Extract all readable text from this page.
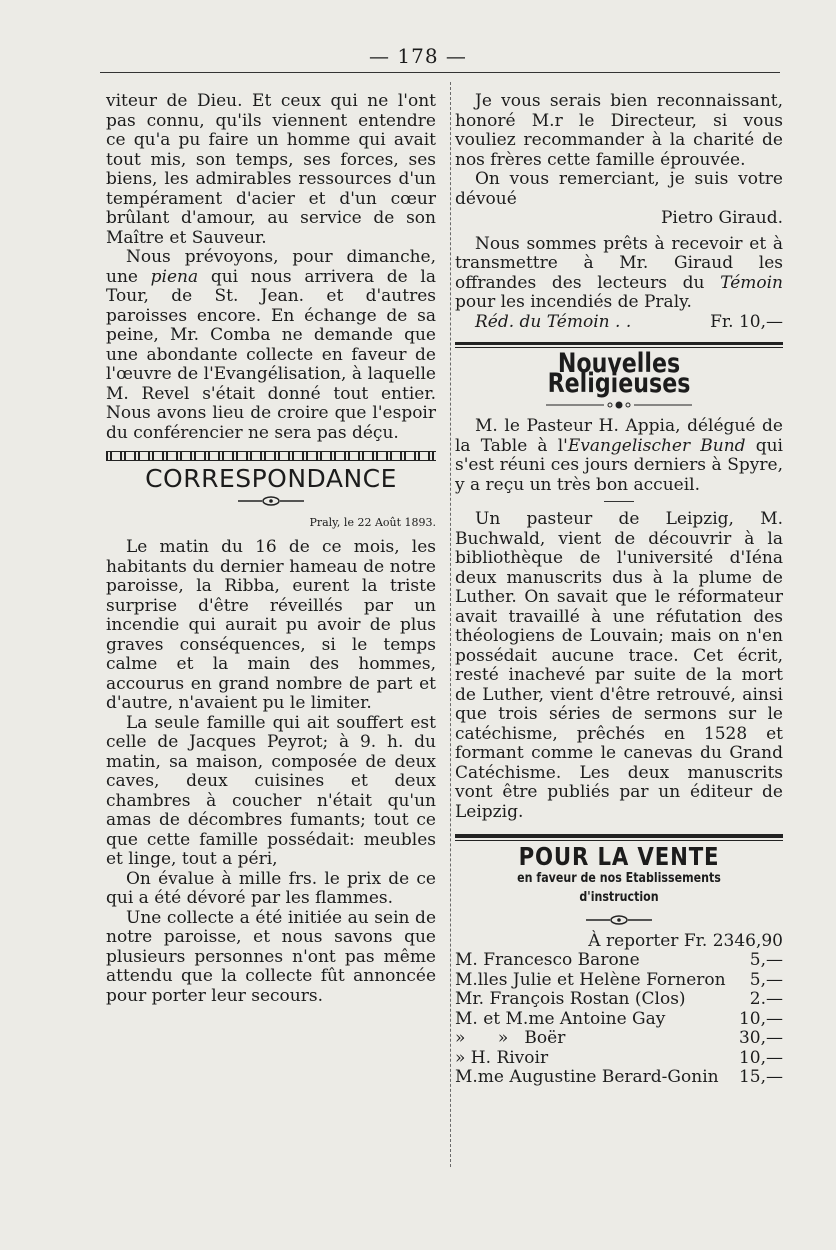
— 178 —

viteur de Dieu. Et ceux qui ne l'ont pas connu, qu'ils viennent entendre ce qu'a pu faire un homme qui avait tout mis, son temps, ses forces, ses biens, les admirables ressources d'un tempérament d'acier et d'un cœur brûlant d'amour, au service de son Maître et Sauveur.

Nous prévoyons, pour dimanche, une piena qui nous arrivera de la Tour, de St. Jean. et d'autres paroisses encore. En échange de sa peine, Mr. Comba ne demande que une abondante collecte en faveur de l'œuvre de l'Evangélisation, à laquelle M. Revel s'était donné tout entier. Nous avons lieu de croire que l'espoir du conférencier ne sera pas déçu.

CORRESPONDANCE
Praly, le 22 Août 1893.

Le matin du 16 de ce mois, les habitants du dernier hameau de notre paroisse, la Ribba, eurent la triste surprise d'être réveillés par un incendie qui aurait pu avoir de plus graves conséquences, si le temps calme et la main des hommes, accourus en grand nombre de part et d'autre, n'avaient pu le limiter.

La seule famille qui ait souffert est celle de Jacques Peyrot; à 9. h. du matin, sa maison, composée de deux caves, deux cuisines et deux chambres à coucher n'était qu'un amas de décombres fumants; tout ce que cette famille possédait: meubles et linge, tout a péri,

On évalue à mille frs. le prix de ce qui a été dévoré par les flammes.

Une collecte a été initiée au sein de notre paroisse, et nous savons que plusieurs personnes n'ont pas même attendu que la collecte fût annoncée pour porter leur secours.

Je vous serais bien reconnaissant, honoré M.r le Directeur, si vous vouliez recommander à la charité de nos frères cette famille éprouvée.

On vous remerciant, je suis votre dévoué

Pietro Giraud.

Nous sommes prêts à recevoir et à transmettre à Mr. Giraud les offrandes des lecteurs du Témoin pour les incendiés de Praly.

Réd. du Témoin . .	Fr. 10,—
Nouvelles Religieuses

M. le Pasteur H. Appia, délégué de la Table à l'Evangelischer Bund qui s'est réuni ces jours derniers à Spyre, y a reçu un très bon accueil.

Un pasteur de Leipzig, M. Buchwald, vient de découvrir à la bibliothèque de l'université d'Iéna deux manuscrits dus à la plume de Luther. On savait que le réformateur avait travaillé à une réfutation des théologiens de Louvain; mais on n'en possédait aucune trace. Cet écrit, resté inachevé par suite de la mort de Luther, vient d'être retrouvé, ainsi que trois séries de sermons sur le catéchisme, prêchés en 1528 et formant comme le canevas du Grand Catéchisme. Les deux manuscrits vont être publiés par un éditeur de Leipzig.

POUR LA VENTE
en faveur de nos Etablissements d'instruction

À reporter Fr. 2346,90

M. Francesco Barone	5,—
M.lles Julie et Helène Forneron 5,—
Mr. François Rostan (Clos)	2.—
M. et M.me Antoine Gay	10,—
»      »   Boër	30,—
» H. Rivoir	10,—
M.me Augustine Berard-Gonin 15,—
